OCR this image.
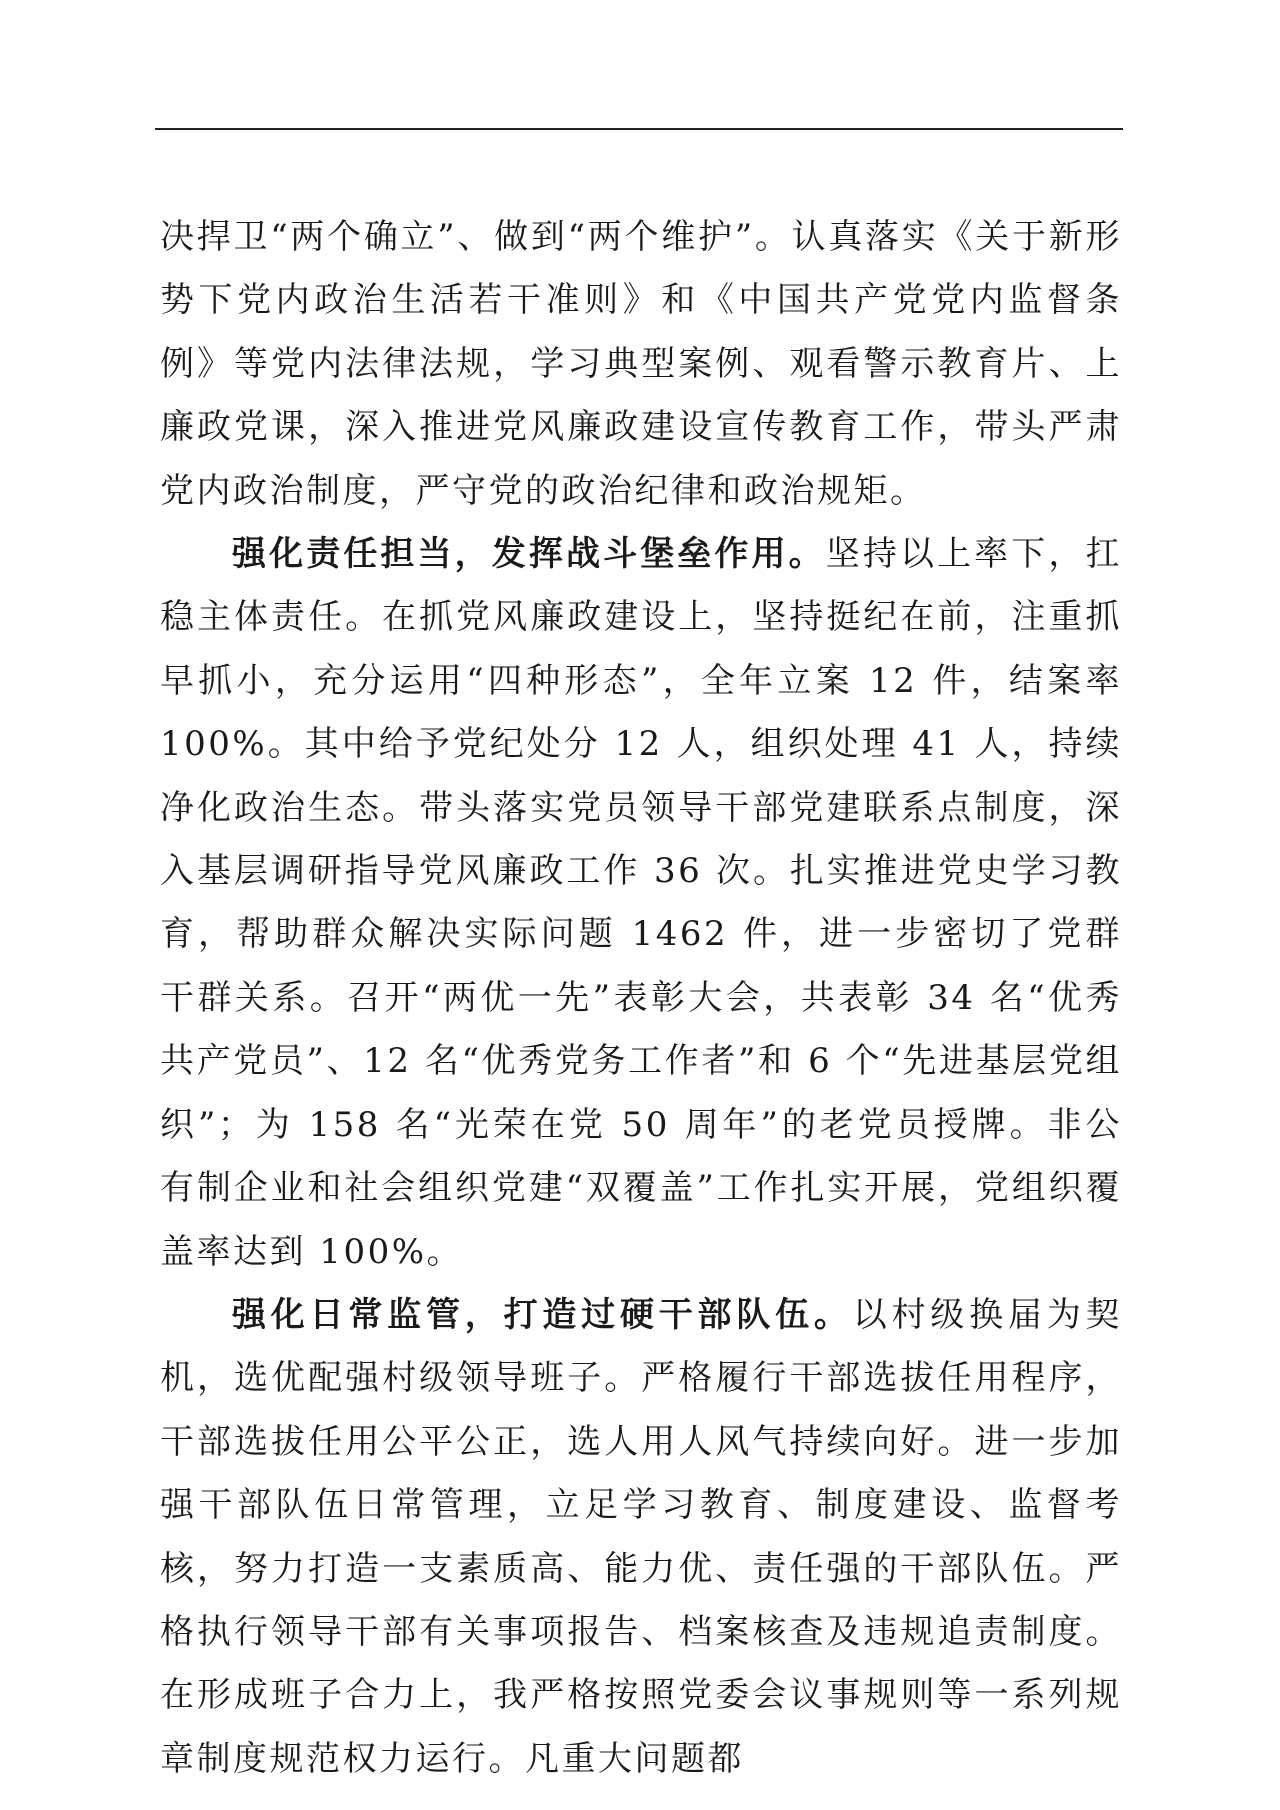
决捍卫“两个确立”、做到“两个维护”。认真落实《关于新形势下党内政治生活若干准则》和《中国共产党党内监督条例》等党内法律法规，学习典型案例、观看警示教育片、上廉政党课，深入推进党风廉政建设宣传教育工作，带头严肃党内政治制度，严守党的政治纪律和政治规矩。

强化责任担当，发挥战斗堡垒作用。坚持以上率下，扛稳主体责任。在抓党风廉政建设上，坚持挺纪在前，注重抓早抓小，充分运用“四种形态”，全年立案 12 件，结案率 100%。其中给予党纪处分 12 人，组织处理 41 人，持续净化政治生态。带头落实党员领导干部党建联系点制度，深入基层调研指导党风廉政工作 36 次。扎实推进党史学习教育，帮助群众解决实际问题 1462 件，进一步密切了党群干群关系。召开“两优一先”表彰大会，共表彰 34 名“优秀共产党员”、12 名“优秀党务工作者”和 6 个“先进基层党组织”；为 158 名“光荣在党 50 周年”的老党员授牌。非公有制企业和社会组织党建“双覆盖”工作扎实开展，党组织覆盖率达到 100%。

强化日常监管，打造过硬干部队伍。以村级换届为契机，选优配强村级领导班子。严格履行干部选拔任用程序，干部选拔任用公平公正，选人用人风气持续向好。进一步加强干部队伍日常管理，立足学习教育、制度建设、监督考核，努力打造一支素质高、能力优、责任强的干部队伍。严格执行领导干部有关事项报告、档案核查及违规追责制度。在形成班子合力上，我严格按照党委会议事规则等一系列规章制度规范权力运行。凡重大问题都
